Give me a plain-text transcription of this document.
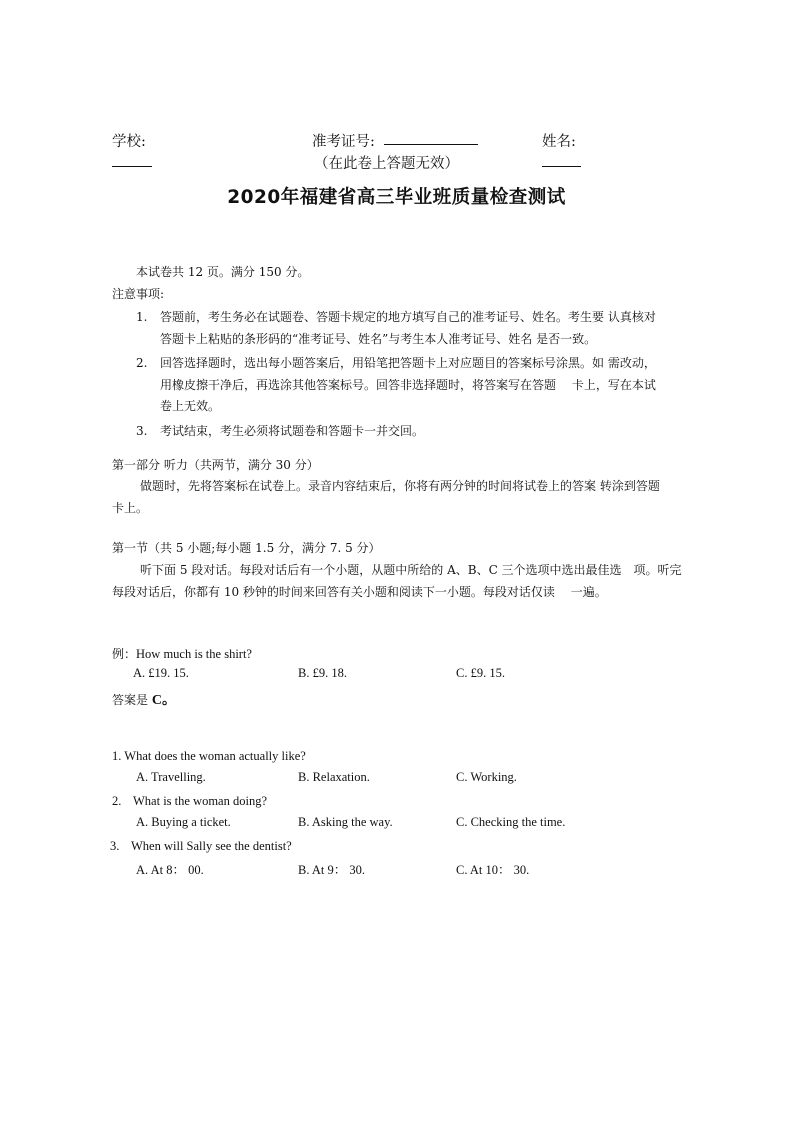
学校:	准考证号:	姓名:
（在此卷上答题无效）
2020年福建省高三毕业班质量检查测试
本试卷共 12 页。满分 150 分。
注意事项:
1. 答题前，考生务必在试题卷、答题卡规定的地方填写自己的准考证号、姓名。考生要 认真核对答题卡上粘贴的条形码的“准考证号、姓名”与考生本人准考证号、姓名 是否一致。
2. 回答选择题时，选出每小题答案后，用铅笔把答题卡上对应题目的答案标号涂黑。如 需改动，用橡皮擦干净后，再选涂其他答案标号。回答非选择题时，将答案写在答题　 卡上，写在本试卷上无效。
3. 考试结束，考生必须将试题卷和答题卡一并交回。
第一部分 听力（共两节，满分 30 分）
做题时，先将答案标在试卷上。录音内容结束后，你将有两分钟的时间将试卷上的答案 转涂到答题卡上。
第一节（共 5 小题;每小题 1.5 分，满分 7. 5 分）
听下面 5 段对话。每段对话后有一个小题，从题中所给的 A、B、C 三个选项中选出最佳选　项。听完每段对话后，你都有 10 秒钟的时间来回答有关小题和阅读下一小题。每段对话仅读　 一遍。
例：How much is the shirt?
A. £19. 15.	B. £9. 18.	C. £9. 15.
答案是 C。
1. What does the woman actually like?
A. Travelling.	B. Relaxation.	C. Working.
2. What is the woman doing?
A. Buying a ticket.	B. Asking the way.	C. Checking the time.
3. When will Sally see the dentist?
A. At 8： 00.	B. At 9： 30.	C. At 10： 30.
